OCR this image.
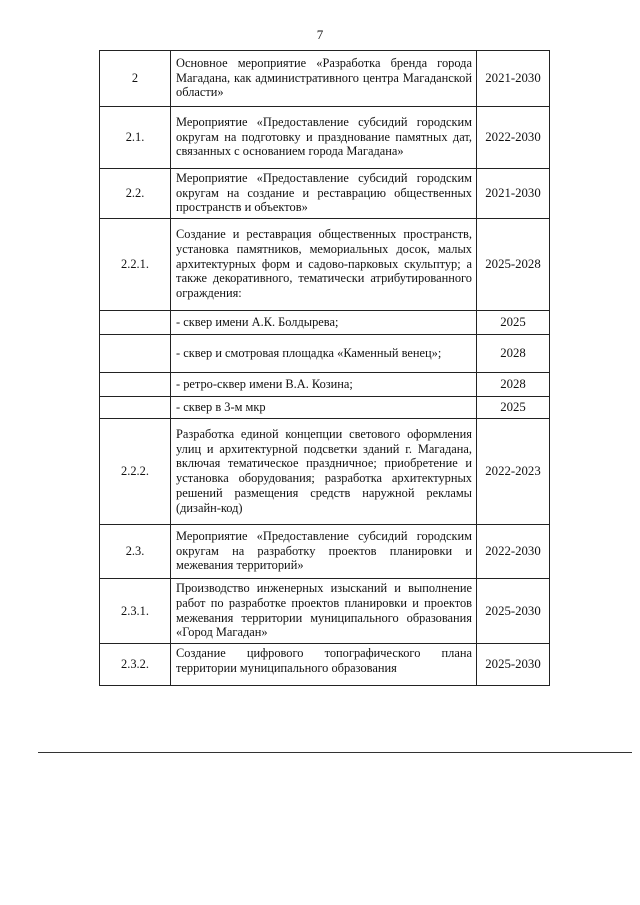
7
2	Основное мероприятие «Разработка бренда города Магадана, как административного центра Магаданской области»	2021-2030
2.1.	Мероприятие «Предоставление субсидий городским округам на подготовку и празднование памятных дат, связанных с основанием города Магадана»	2022-2030
2.2.	Мероприятие «Предоставление субсидий городским округам на создание и реставрацию общественных пространств и объектов»	2021-2030
2.2.1.	Создание и реставрация общественных пространств, установка памятников, мемориальных досок, малых архитектурных форм и садово-парковых скульптур; а также декоративного, тематически атрибутированного ограждения:	2025-2028
	- сквер имени А.К. Болдырева;	2025
	- сквер и смотровая площадка «Каменный венец»;	2028
	- ретро-сквер имени В.А. Козина;	2028
	- сквер в 3-м мкр	2025
2.2.2.	Разработка единой концепции светового оформления улиц и архитектурной подсветки зданий г. Магадана, включая тематическое праздничное; приобретение и установка оборудования; разработка архитектурных решений размещения средств наружной рекламы (дизайн-код)	2022-2023
2.3.	Мероприятие «Предоставление субсидий городским округам на разработку проектов планировки и межевания территорий»	2022-2030
2.3.1.	Производство инженерных изысканий и выполнение работ по разработке проектов планировки и проектов межевания территории муниципального образования «Город Магадан»	2025-2030
2.3.2.	Создание цифрового топографического плана территории муниципального образования	2025-2030
